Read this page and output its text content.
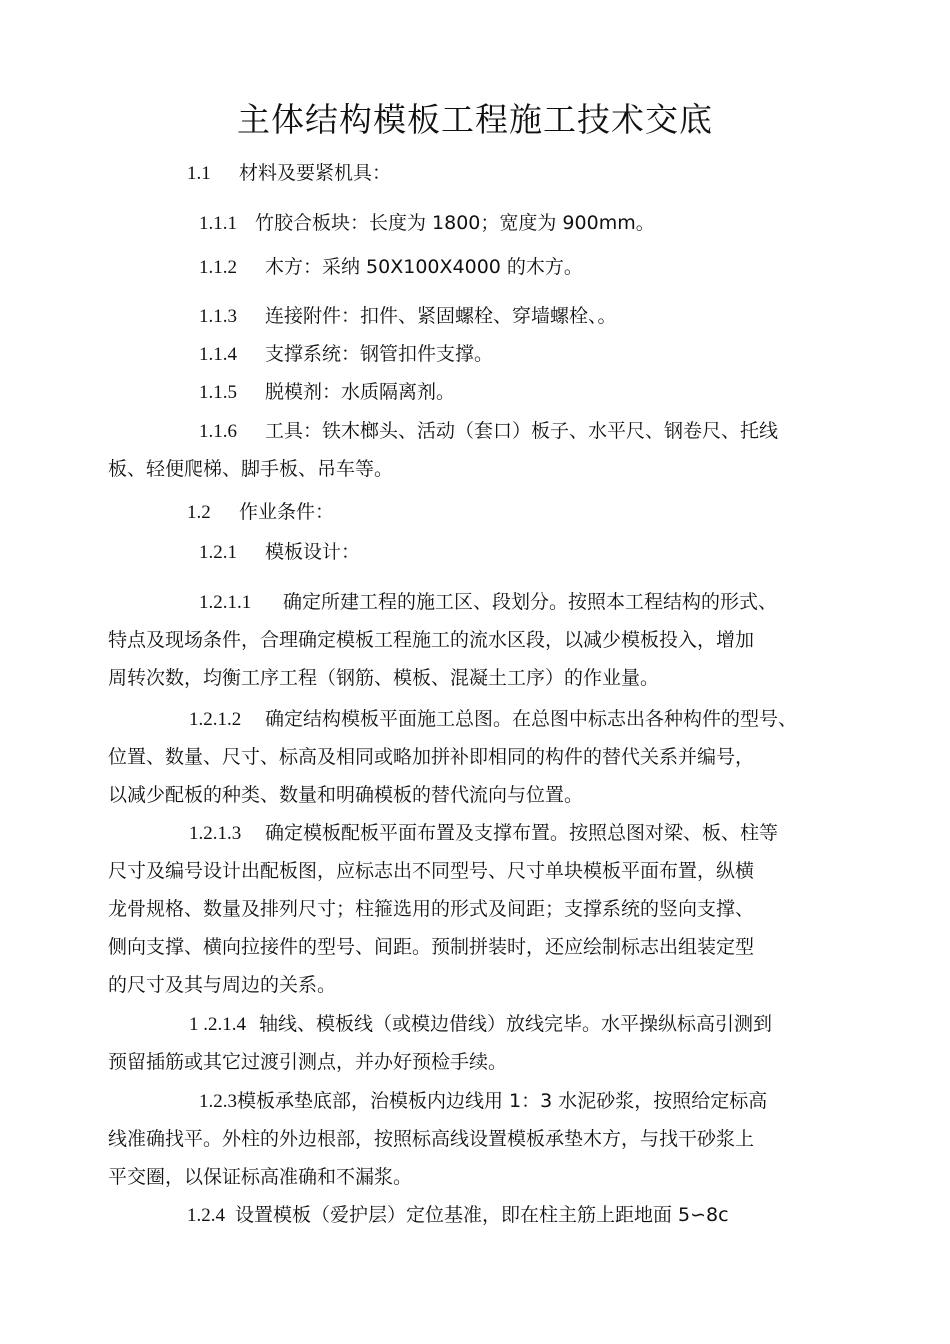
主体结构模板工程施工技术交底
1.1 材料及要紧机具：
1.1.1 竹胶合板块：长度为 1800；宽度为 900mm。
1.1.2 木方：采纳 50X100X4000 的木方。
1.1.3 连接附件：扣件、紧固螺栓、穿墙螺栓、。
1.1.4 支撑系统：钢管扣件支撑。
1.1.5 脱模剂：水质隔离剂。
1.1.6 工具：铁木榔头、活动（套口）板子、水平尺、钢卷尺、托线
板、轻便爬梯、脚手板、吊车等。
1.2 作业条件：
1.2.1 模板设计：
1.2.1.1 确定所建工程的施工区、段划分。按照本工程结构的形式、
特点及现场条件，合理确定模板工程施工的流水区段，以减少模板投入，增加
周转次数，均衡工序工程（钢筋、模板、混凝土工序）的作业量。
1.2.1.2 确定结构模板平面施工总图。在总图中标志出各种构件的型号、
位置、数量、尺寸、标高及相同或略加拼补即相同的构件的替代关系并编号，
以减少配板的种类、数量和明确模板的替代流向与位置。
1.2.1.3 确定模板配板平面布置及支撑布置。按照总图对梁、板、柱等
尺寸及编号设计出配板图，应标志出不同型号、尺寸单块模板平面布置，纵横
龙骨规格、数量及排列尺寸；柱箍选用的形式及间距；支撑系统的竖向支撑、
侧向支撑、横向拉接件的型号、间距。预制拼装时，还应绘制标志出组装定型
的尺寸及其与周边的关系。
1 .2.1.4 轴线、模板线（或模边借线）放线完毕。水平操纵标高引测到
预留插筋或其它过渡引测点，并办好预检手续。
1.2.3模板承垫底部，治模板内边线用 1：3 水泥砂浆，按照给定标高
线准确找平。外柱的外边根部，按照标高线设置模板承垫木方，与找干砂浆上
平交圈，以保证标高准确和不漏浆。
1.2.4 设置模板（爱护层）定位基准，即在柱主筋上距地面 5∽8c
